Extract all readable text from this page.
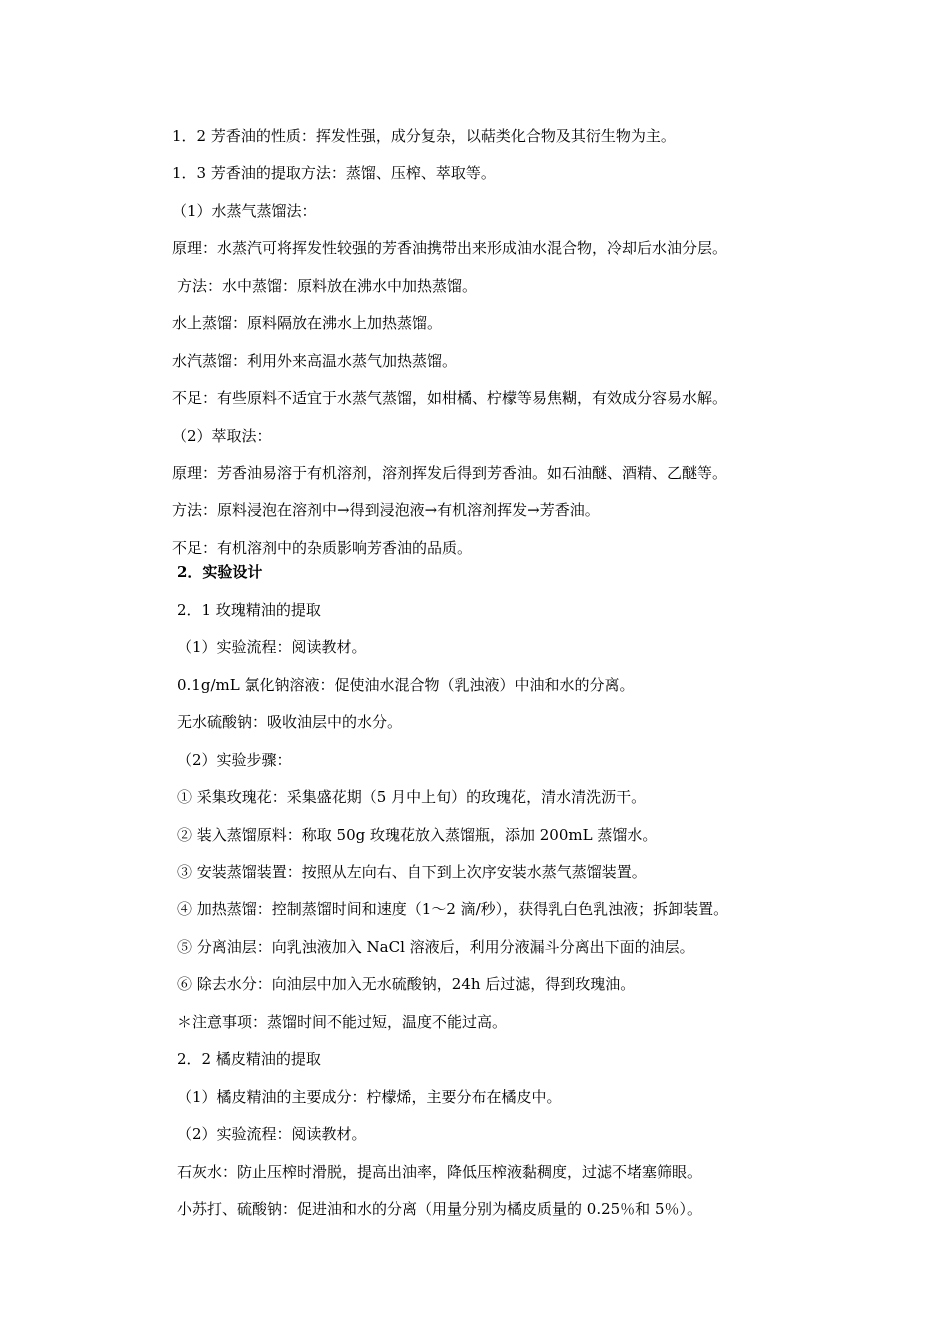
1．2 芳香油的性质：挥发性强，成分复杂，以萜类化合物及其衍生物为主。
1．3 芳香油的提取方法：蒸馏、压榨、萃取等。
（1）水蒸气蒸馏法：
原理：水蒸汽可将挥发性较强的芳香油携带出来形成油水混合物，冷却后水油分层。
方法：水中蒸馏：原料放在沸水中加热蒸馏。
水上蒸馏：原料隔放在沸水上加热蒸馏。
水汽蒸馏：利用外来高温水蒸气加热蒸馏。
不足：有些原料不适宜于水蒸气蒸馏，如柑橘、柠檬等易焦糊，有效成分容易水解。
（2）萃取法：
原理：芳香油易溶于有机溶剂，溶剂挥发后得到芳香油。如石油醚、酒精、乙醚等。
方法：原料浸泡在溶剂中→得到浸泡液→有机溶剂挥发→芳香油。
不足：有机溶剂中的杂质影响芳香油的品质。
2．实验设计
2．1 玫瑰精油的提取
（1）实验流程：阅读教材。
0.1g/mL 氯化钠溶液：促使油水混合物（乳浊液）中油和水的分离。
无水硫酸钠：吸收油层中的水分。
（2）实验步骤：
① 采集玫瑰花：采集盛花期（5 月中上旬）的玫瑰花，清水清洗沥干。
② 装入蒸馏原料：称取 50g 玫瑰花放入蒸馏瓶，添加 200mL 蒸馏水。
③ 安装蒸馏装置：按照从左向右、自下到上次序安装水蒸气蒸馏装置。
④ 加热蒸馏：控制蒸馏时间和速度（1～2 滴/秒），获得乳白色乳浊液；拆卸装置。
⑤ 分离油层：向乳浊液加入 NaCl 溶液后，利用分液漏斗分离出下面的油层。
⑥ 除去水分：向油层中加入无水硫酸钠，24h 后过滤，得到玫瑰油。
＊注意事项：蒸馏时间不能过短，温度不能过高。
2．2 橘皮精油的提取
（1）橘皮精油的主要成分：柠檬烯，主要分布在橘皮中。
（2）实验流程：阅读教材。
石灰水：防止压榨时滑脱，提高出油率，降低压榨液黏稠度，过滤不堵塞筛眼。
小苏打、硫酸钠：促进油和水的分离（用量分别为橘皮质量的 0.25％和 5％）。
